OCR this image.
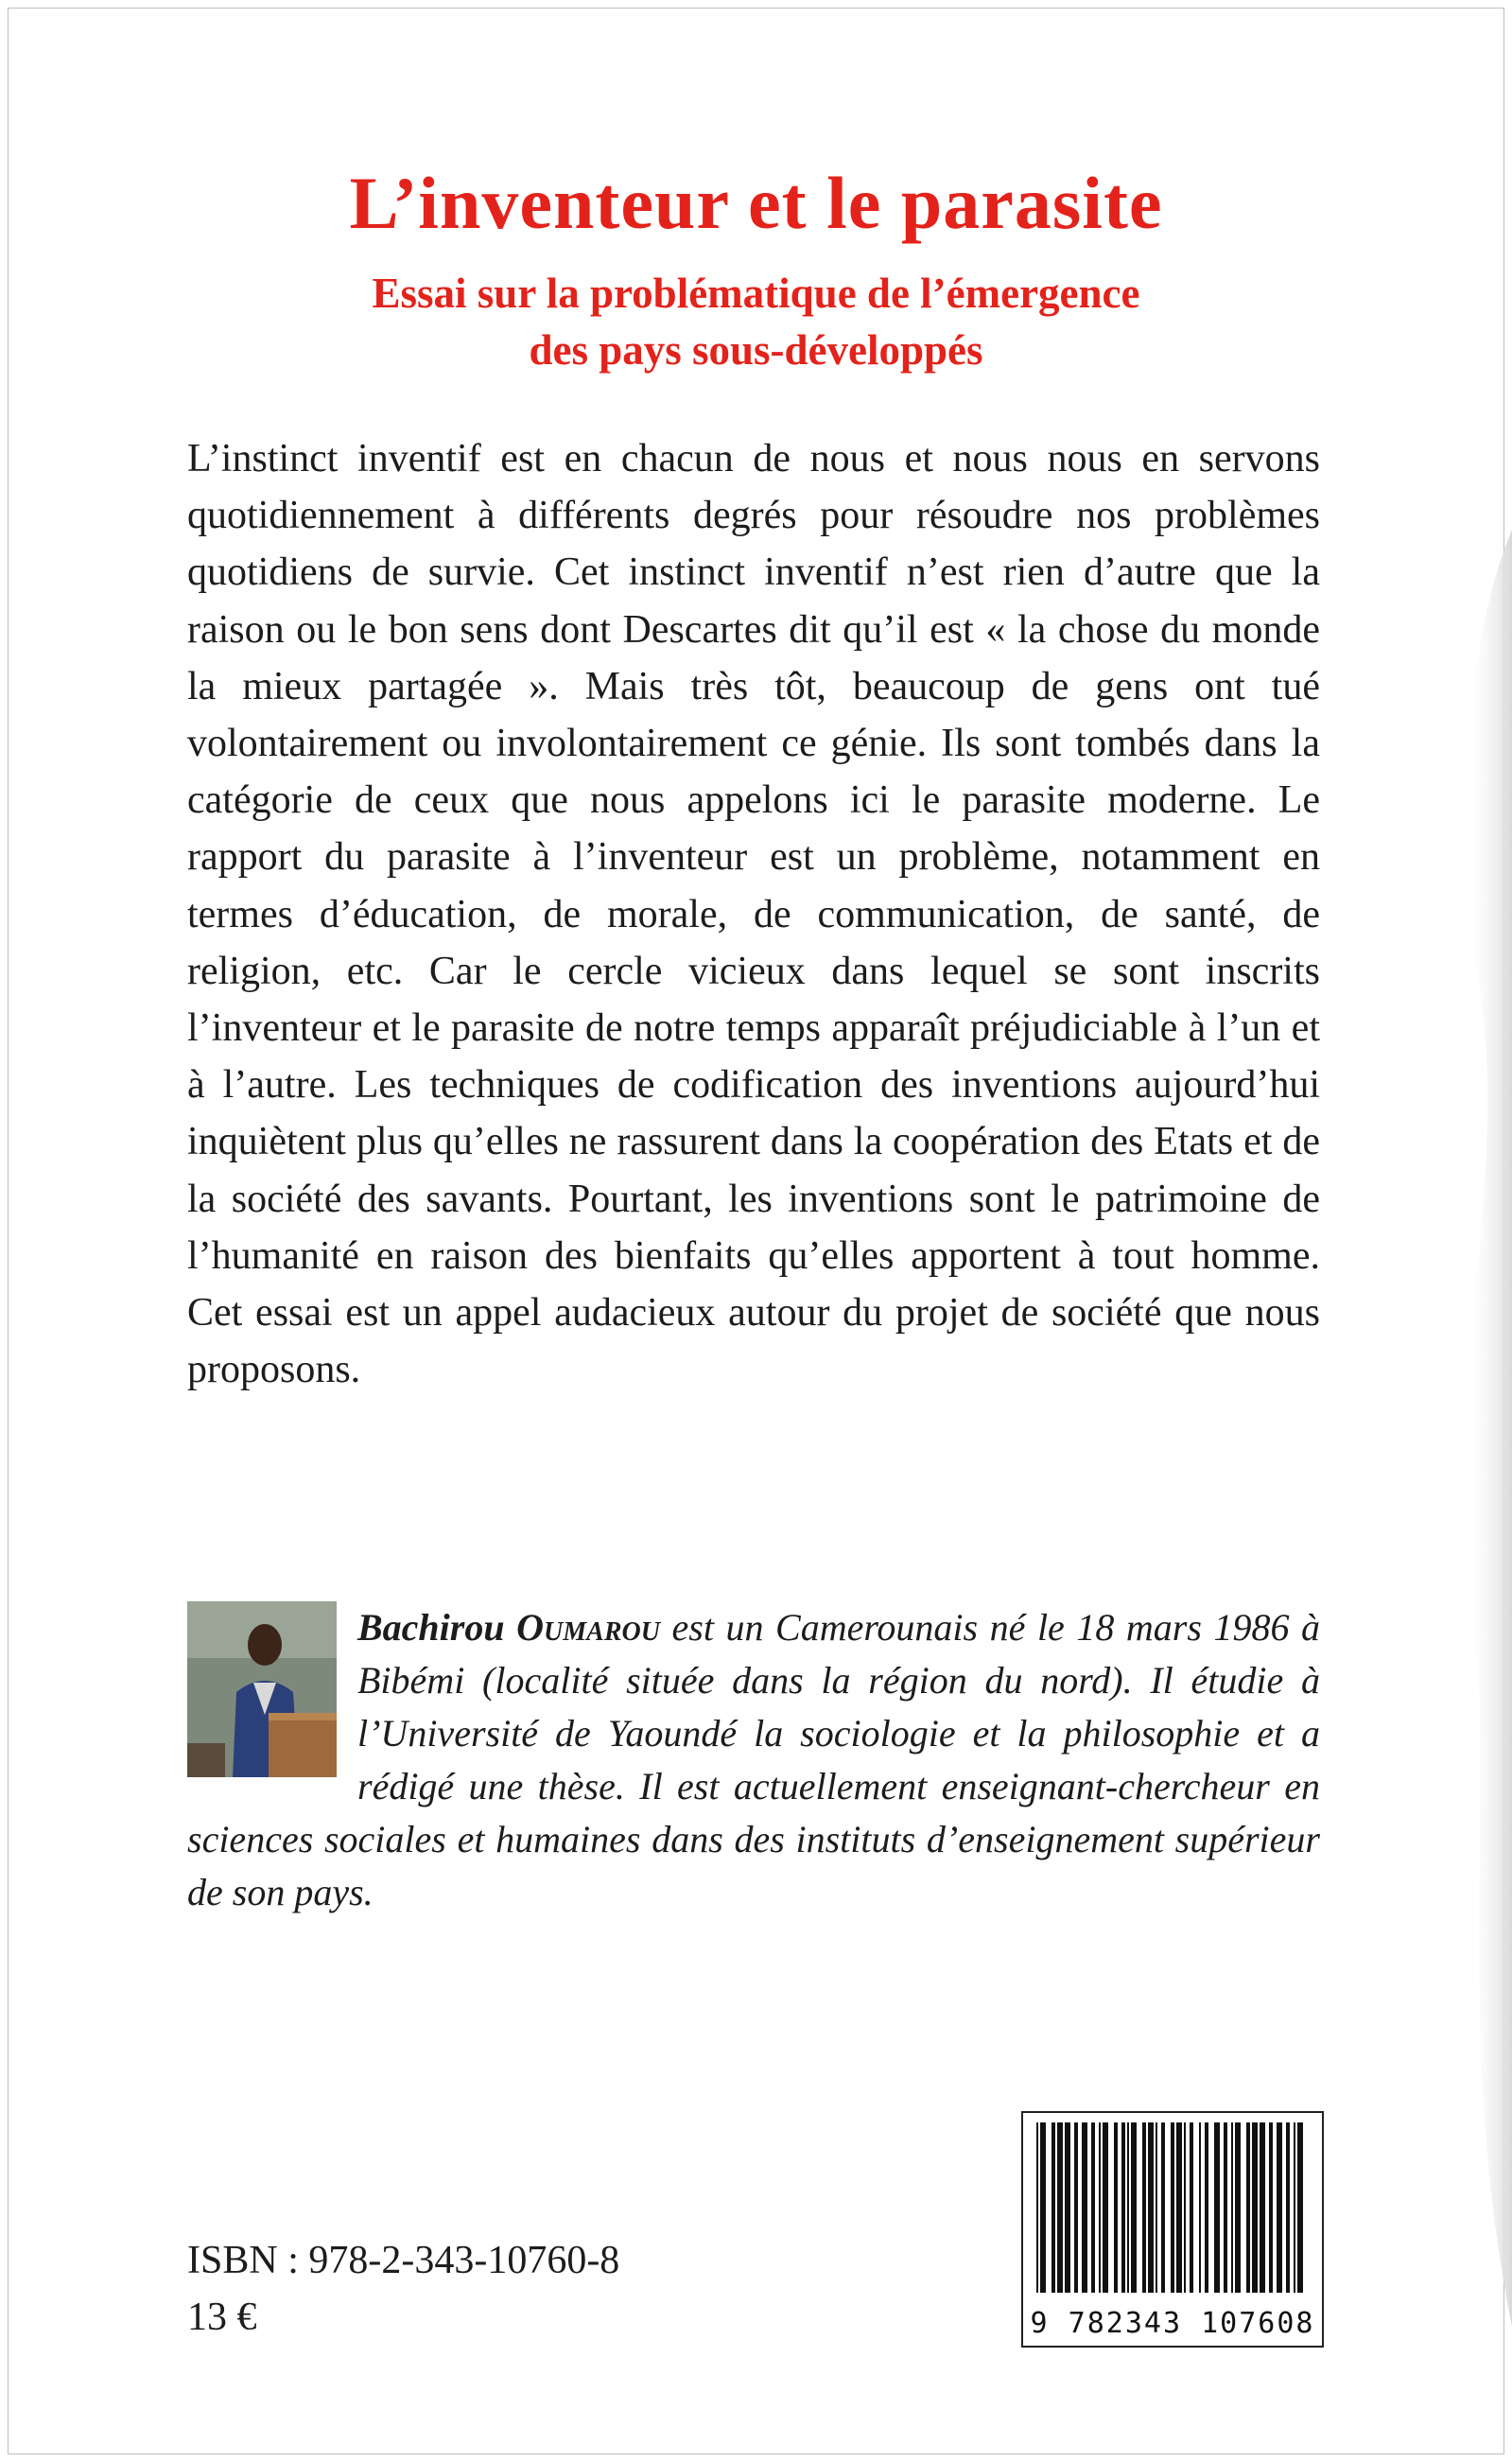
L’inventeur et le parasite
Essai sur la problématique de l’émergence
des pays sous-développés

L’instinct inventif est en chacun de nous et nous nous en servons quotidiennement à différents degrés pour résoudre nos problèmes quotidiens de survie. Cet instinct inventif n’est rien d’autre que la raison ou le bon sens dont Descartes dit qu’il est « la chose du monde la mieux partagée ». Mais très tôt, beaucoup de gens ont tué volontairement ou involontairement ce génie. Ils sont tombés dans la catégorie de ceux que nous appelons ici le parasite moderne. Le rapport du parasite à l’inventeur est un problème, notamment en termes d’éducation, de morale, de communication, de santé, de religion, etc. Car le cercle vicieux dans lequel se sont inscrits l’inventeur et le parasite de notre temps apparaît préjudiciable à l’un et à l’autre. Les techniques de codification des inventions aujourd’hui inquiètent plus qu’elles ne rassurent dans la coopération des Etats et de la société des savants. Pourtant, les inventions sont le patrimoine de l’humanité en raison des bienfaits qu’elles apportent à tout homme. Cet essai est un appel audacieux autour du projet de société que nous proposons.

Bachirou Oumarou est un Camerounais né le 18 mars 1986 à Bibémi (localité située dans la région du nord). Il étudie à l’Université de Yaoundé la sociologie et la philosophie et a rédigé une thèse. Il est actuellement enseignant-chercheur en sciences sociales et humaines dans des instituts d’enseignement supérieur de son pays.
ISBN : 978-2-343-10760-8
13 €	9 782343 107608
